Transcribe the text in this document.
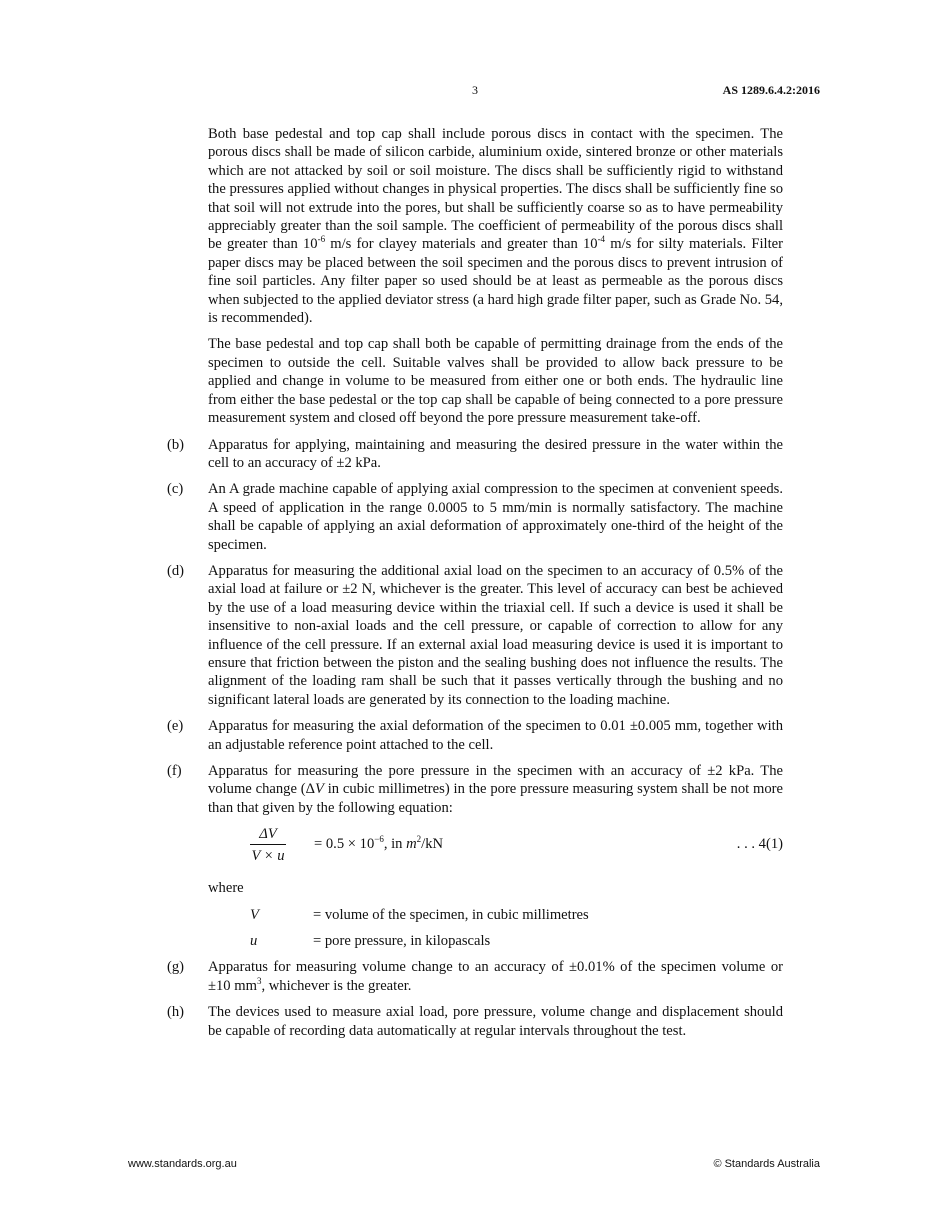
3	AS 1289.6.4.2:2016

Both base pedestal and top cap shall include porous discs in contact with the specimen. The porous discs shall be made of silicon carbide, aluminium oxide, sintered bronze or other materials which are not attacked by soil or soil moisture. The discs shall be sufficiently rigid to withstand the pressures applied without changes in physical properties. The discs shall be sufficiently fine so that soil will not extrude into the pores, but shall be sufficiently coarse so as to have permeability appreciably greater than the soil sample. The coefficient of permeability of the porous discs shall be greater than $10^{-6}$ m/s for clayey materials and greater than $10^{-4}$ m/s for silty materials. Filter paper discs may be placed between the soil specimen and the porous discs to prevent intrusion of fine soil particles. Any filter paper so used should be at least as permeable as the porous discs when subjected to the applied deviator stress (a hard high grade filter paper, such as Grade No. 54, is recommended).

The base pedestal and top cap shall both be capable of permitting drainage from the ends of the specimen to outside the cell. Suitable valves shall be provided to allow back pressure to be applied and change in volume to be measured from either one or both ends. The hydraulic line from either the base pedestal or the top cap shall be capable of being connected to a pore pressure measurement system and closed off beyond the pore pressure measurement take-off.

(b)	Apparatus for applying, maintaining and measuring the desired pressure in the water within the cell to an accuracy of ±2 kPa.
(c)	An A grade machine capable of applying axial compression to the specimen at convenient speeds. A speed of application in the range 0.0005 to 5 mm/min is normally satisfactory. The machine shall be capable of applying an axial deformation of approximately one-third of the height of the specimen.
(d)	Apparatus for measuring the additional axial load on the specimen to an accuracy of 0.5% of the axial load at failure or ±2 N, whichever is the greater. This level of accuracy can best be achieved by the use of a load measuring device within the triaxial cell. If such a device is used it shall be insensitive to non-axial loads and the cell pressure, or capable of correction to allow for any influence of the cell pressure. If an external axial load measuring device is used it is important to ensure that friction between the piston and the sealing bushing does not influence the results. The alignment of the loading ram shall be such that it passes vertically through the bushing and no significant lateral loads are generated by its connection to the loading machine.
(e)	Apparatus for measuring the axial deformation of the specimen to 0.01 ±0.005 mm, together with an adjustable reference point attached to the cell.
(f)	Apparatus for measuring the pore pressure in the specimen with an accuracy of ±2 kPa. The volume change (ΔV in cubic millimetres) in the pore pressure measuring system shall be not more than that given by the following equation:
ΔV
V × u
= $0.5 \times 10^{-6}$, in $m^2/kN$	. . . 4(1)
where
V	= volume of the specimen, in cubic millimetres
u	= pore pressure, in kilopascals
(g)	Apparatus for measuring volume change to an accuracy of ±0.01% of the specimen volume or ±10 $mm^3$, whichever is the greater.
(h)	The devices used to measure axial load, pore pressure, volume change and displacement should be capable of recording data automatically at regular intervals throughout the test.
www.standards.org.au	© Standards Australia
